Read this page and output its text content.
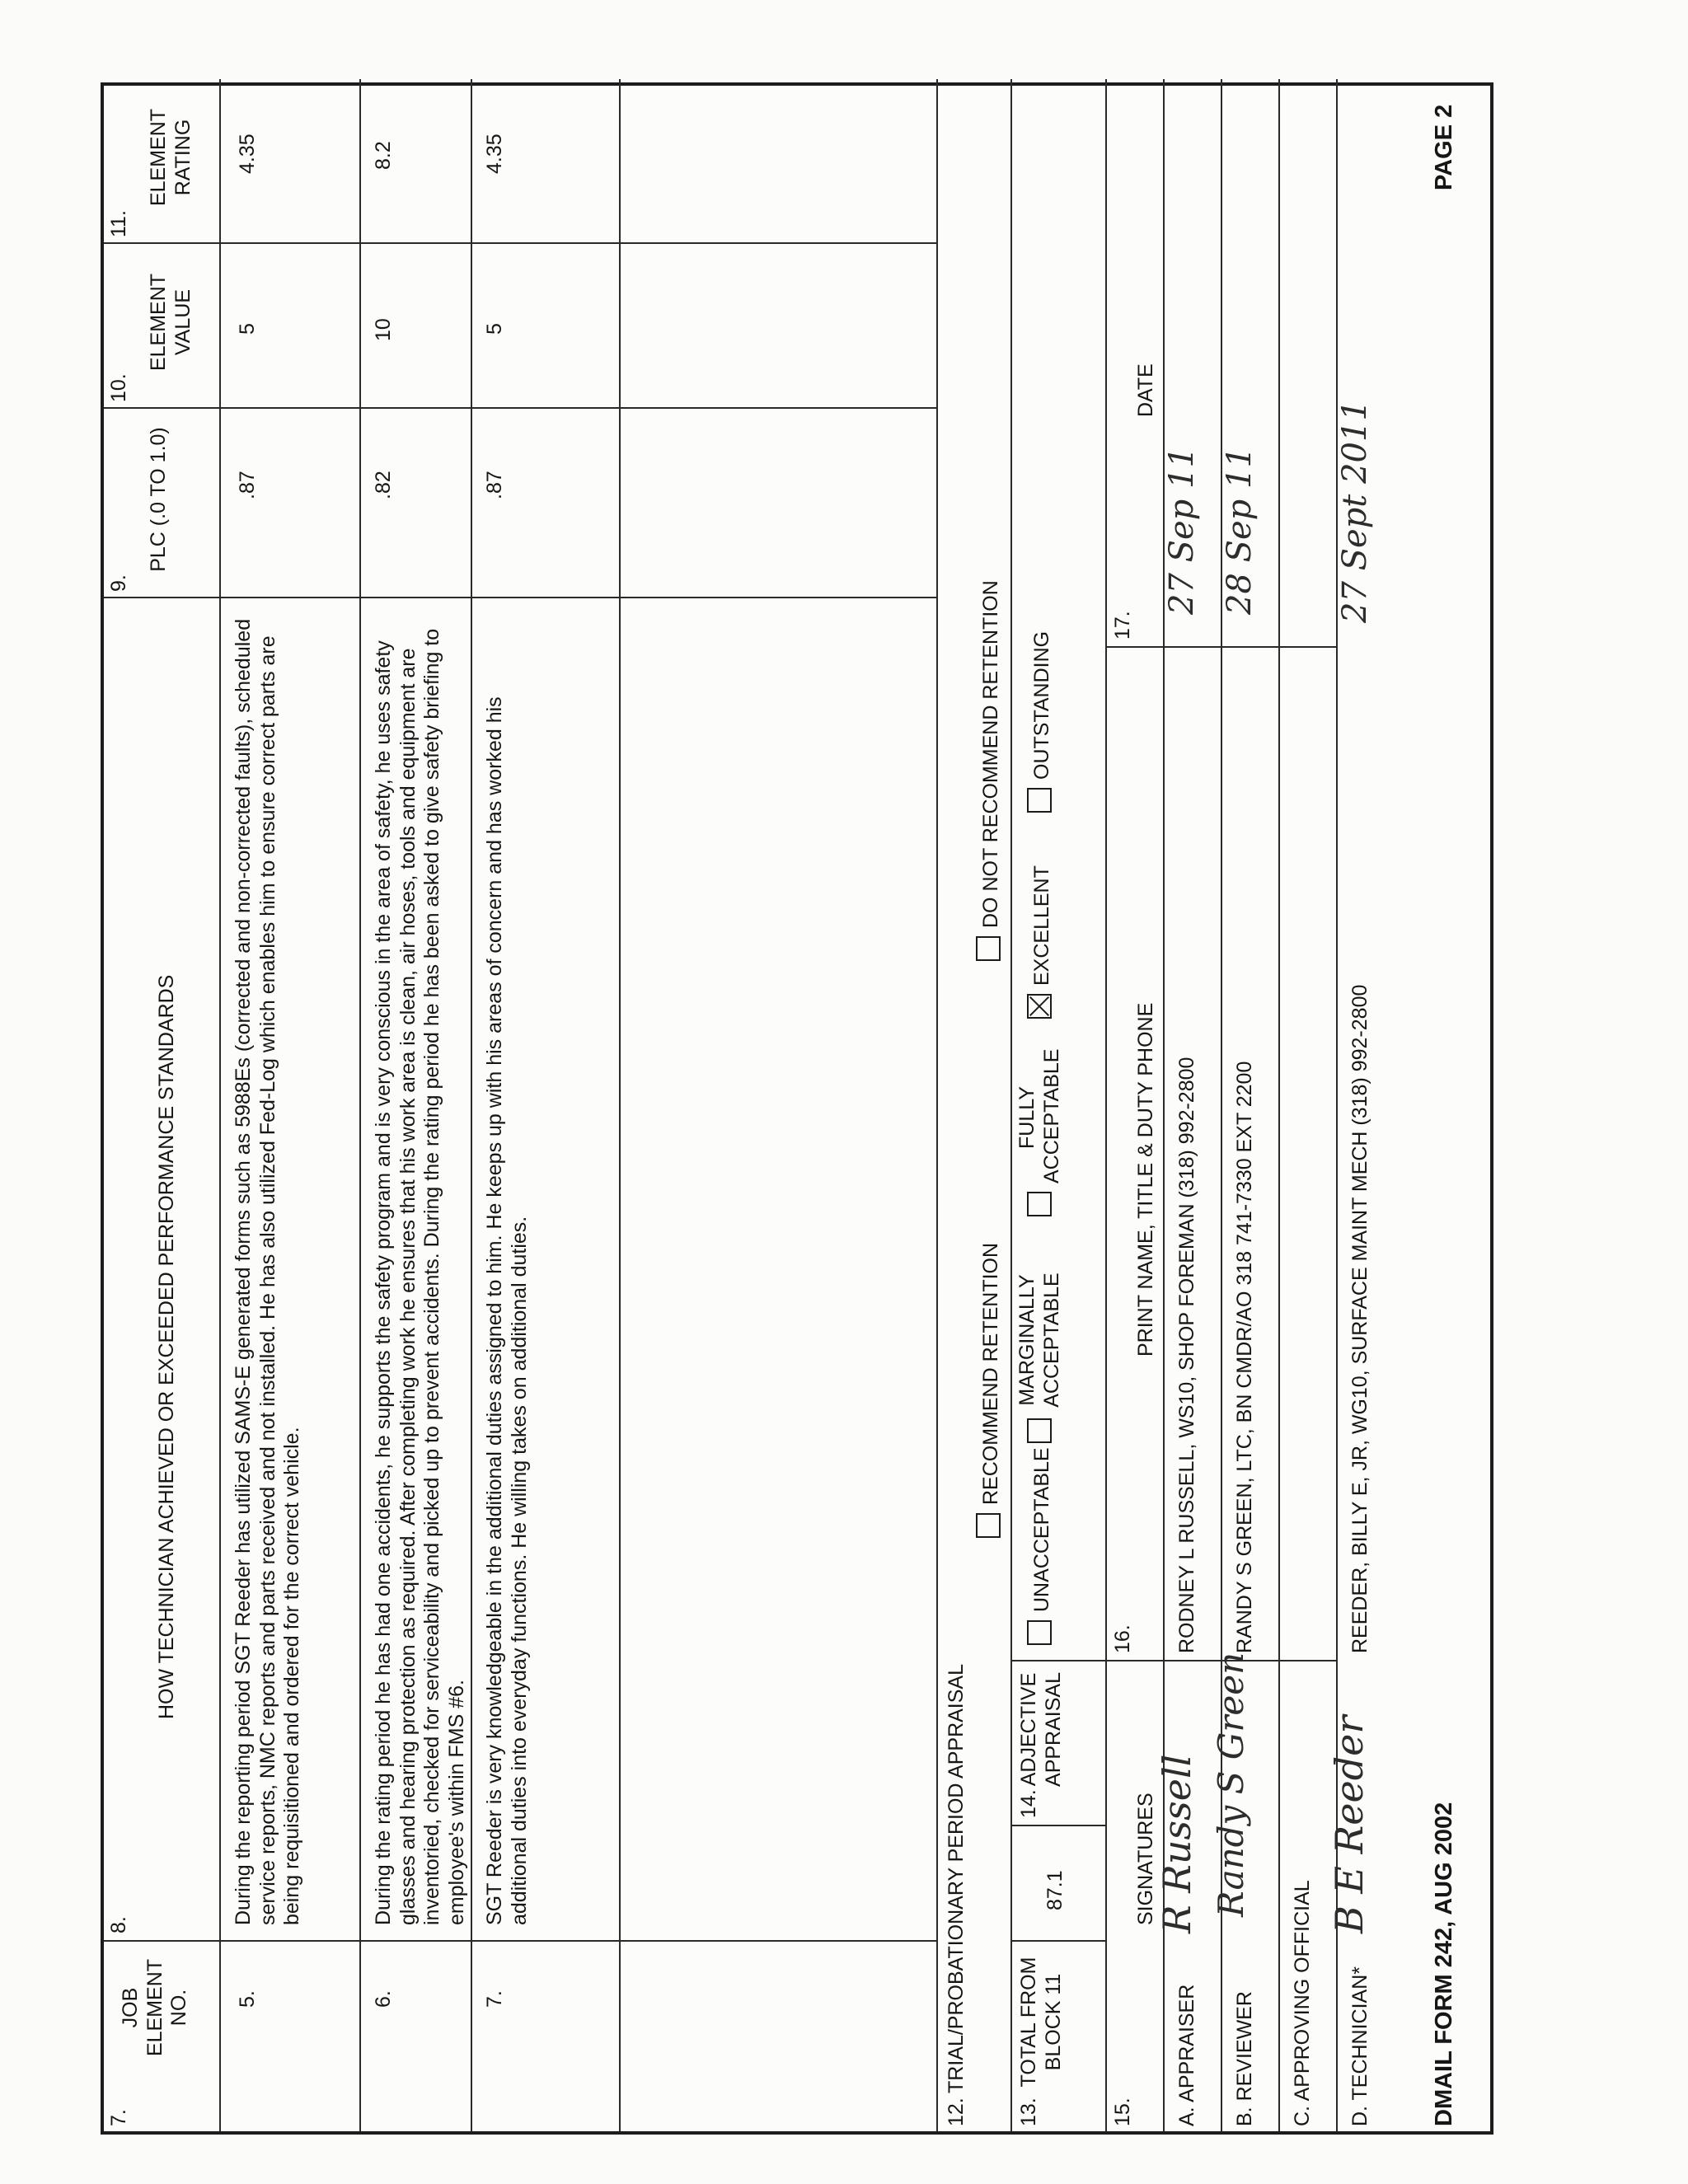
7.
JOB ELEMENT NO.
8.
HOW TECHNICIAN ACHIEVED OR EXCEEDED PERFORMANCE STANDARDS
9.
PLC (.0 TO 1.0)
10.
ELEMENT VALUE
11.
ELEMENT RATING
5.
During the reporting period SGT Reeder has utilized SAMS-E generated forms such as 5988Es (corrected and non-corrected faults), scheduled service reports, NMC reports and parts received and not installed. He has also utilized Fed-Log which enables him to ensure correct parts are being requisitioned and ordered for the correct vehicle.
.87
5
4.35
6.
During the rating period he has had one accidents, he supports the safety program and is very conscious in the area of safety, he uses safety glasses and hearing protection as required. After completing work he ensures that his work area is clean, air hoses, tools and equipment are inventoried, checked for serviceability and picked up to prevent accidents. During the rating period he has been asked to give safety briefing to employee's within FMS #6.
.82
10
8.2
7.
SGT Reeder is very knowledgeable in the additional duties assigned to him. He keeps up with his areas of concern and has worked his additional duties into everyday functions. He willing takes on additional duties.
.87
5
4.35
12.
TRIAL/PROBATIONARY PERIOD APPRAISAL
RECOMMEND RETENTION
DO NOT RECOMMEND RETENTION
13.
TOTAL FROM BLOCK 11
87.1
14.
ADJECTIVE APPRAISAL
UNACCEPTABLE
MARGINALLY ACCEPTABLE
FULLY ACCEPTABLE
EXCELLENT
OUTSTANDING
15.
SIGNATURES
16.
PRINT NAME, TITLE & DUTY PHONE
17.
DATE
A. APPRAISER
R Russell
RODNEY L RUSSELL, WS10, SHOP FOREMAN (318) 992-2800
27 Sep 11
B. REVIEWER
Randy S Green
RANDY S GREEN, LTC, BN CMDR/AO 318 741-7330 EXT 2200
28 Sep 11
C. APPROVING OFFICIAL D. TECHNICIAN*
B E Reeder
REEDER, BILLY E, JR, WG10, SURFACE MAINT MECH (318) 992-2800
27 Sept 2011
DMAIL FORM 242, AUG 2002
PAGE 2
